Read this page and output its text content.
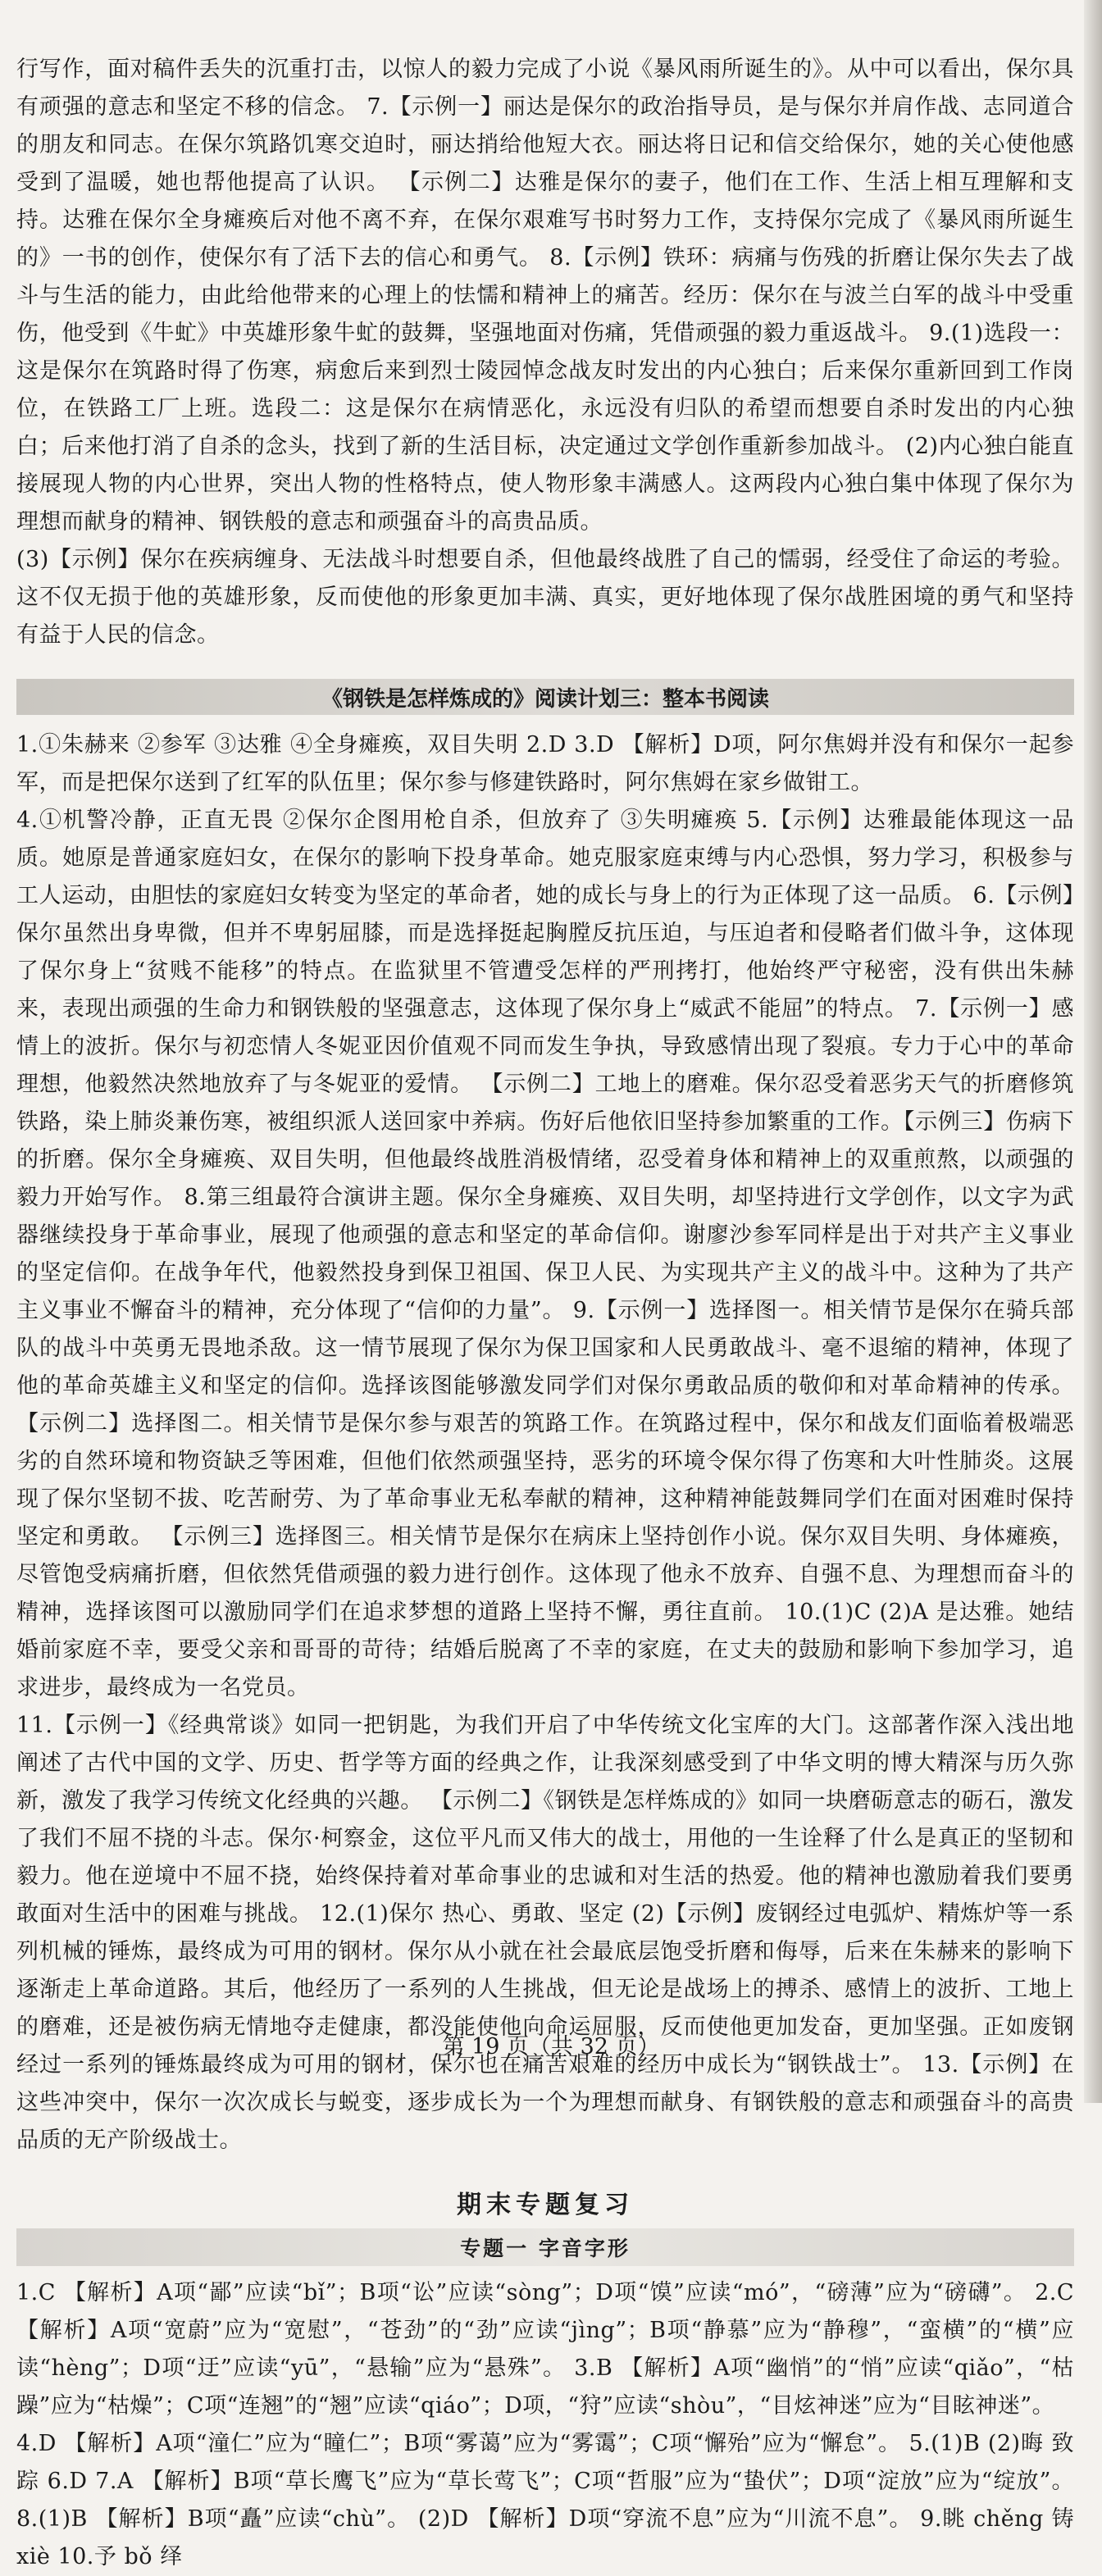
行写作，面对稿件丢失的沉重打击，以惊人的毅力完成了小说《暴风雨所诞生的》。从中可以看出，保尔具有顽强的意志和坚定不移的信念。 7.【示例一】丽达是保尔的政治指导员，是与保尔并肩作战、志同道合的朋友和同志。在保尔筑路饥寒交迫时，丽达捎给他短大衣。丽达将日记和信交给保尔，她的关心使他感受到了温暖，她也帮他提高了认识。 【示例二】达雅是保尔的妻子，他们在工作、生活上相互理解和支持。达雅在保尔全身瘫痪后对他不离不弃，在保尔艰难写书时努力工作，支持保尔完成了《暴风雨所诞生的》一书的创作，使保尔有了活下去的信心和勇气。 8.【示例】铁环：病痛与伤残的折磨让保尔失去了战斗与生活的能力，由此给他带来的心理上的怯懦和精神上的痛苦。经历：保尔在与波兰白军的战斗中受重伤，他受到《牛虻》中英雄形象牛虻的鼓舞，坚强地面对伤痛，凭借顽强的毅力重返战斗。 9.(1)选段一：这是保尔在筑路时得了伤寒，病愈后来到烈士陵园悼念战友时发出的内心独白；后来保尔重新回到工作岗位，在铁路工厂上班。选段二：这是保尔在病情恶化，永远没有归队的希望而想要自杀时发出的内心独白；后来他打消了自杀的念头，找到了新的生活目标，决定通过文学创作重新参加战斗。 (2)内心独白能直接展现人物的内心世界，突出人物的性格特点，使人物形象丰满感人。这两段内心独白集中体现了保尔为理想而献身的精神、钢铁般的意志和顽强奋斗的高贵品质。

(3)【示例】保尔在疾病缠身、无法战斗时想要自杀，但他最终战胜了自己的懦弱，经受住了命运的考验。这不仅无损于他的英雄形象，反而使他的形象更加丰满、真实，更好地体现了保尔战胜困境的勇气和坚持有益于人民的信念。

《钢铁是怎样炼成的》阅读计划三：整本书阅读

1.①朱赫来 ②参军 ③达雅 ④全身瘫痪，双目失明 2.D 3.D 【解析】D项，阿尔焦姆并没有和保尔一起参军，而是把保尔送到了红军的队伍里；保尔参与修建铁路时，阿尔焦姆在家乡做钳工。

4.①机警冷静，正直无畏 ②保尔企图用枪自杀，但放弃了 ③失明瘫痪 5.【示例】达雅最能体现这一品质。她原是普通家庭妇女，在保尔的影响下投身革命。她克服家庭束缚与内心恐惧，努力学习，积极参与工人运动，由胆怯的家庭妇女转变为坚定的革命者，她的成长与身上的行为正体现了这一品质。 6.【示例】保尔虽然出身卑微，但并不卑躬屈膝，而是选择挺起胸膛反抗压迫，与压迫者和侵略者们做斗争，这体现了保尔身上“贫贱不能移”的特点。在监狱里不管遭受怎样的严刑拷打，他始终严守秘密，没有供出朱赫来，表现出顽强的生命力和钢铁般的坚强意志，这体现了保尔身上“威武不能屈”的特点。 7.【示例一】感情上的波折。保尔与初恋情人冬妮亚因价值观不同而发生争执，导致感情出现了裂痕。专力于心中的革命理想，他毅然决然地放弃了与冬妮亚的爱情。 【示例二】工地上的磨难。保尔忍受着恶劣天气的折磨修筑铁路，染上肺炎兼伤寒，被组织派人送回家中养病。伤好后他依旧坚持参加繁重的工作。【示例三】伤病下的折磨。保尔全身瘫痪、双目失明，但他最终战胜消极情绪，忍受着身体和精神上的双重煎熬，以顽强的毅力开始写作。 8.第三组最符合演讲主题。保尔全身瘫痪、双目失明，却坚持进行文学创作，以文字为武器继续投身于革命事业，展现了他顽强的意志和坚定的革命信仰。谢廖沙参军同样是出于对共产主义事业的坚定信仰。在战争年代，他毅然投身到保卫祖国、保卫人民、为实现共产主义的战斗中。这种为了共产主义事业不懈奋斗的精神，充分体现了“信仰的力量”。 9.【示例一】选择图一。相关情节是保尔在骑兵部队的战斗中英勇无畏地杀敌。这一情节展现了保尔为保卫国家和人民勇敢战斗、毫不退缩的精神，体现了他的革命英雄主义和坚定的信仰。选择该图能够激发同学们对保尔勇敢品质的敬仰和对革命精神的传承。 【示例二】选择图二。相关情节是保尔参与艰苦的筑路工作。在筑路过程中，保尔和战友们面临着极端恶劣的自然环境和物资缺乏等困难，但他们依然顽强坚持，恶劣的环境令保尔得了伤寒和大叶性肺炎。这展现了保尔坚韧不拔、吃苦耐劳、为了革命事业无私奉献的精神，这种精神能鼓舞同学们在面对困难时保持坚定和勇敢。 【示例三】选择图三。相关情节是保尔在病床上坚持创作小说。保尔双目失明、身体瘫痪，尽管饱受病痛折磨，但依然凭借顽强的毅力进行创作。这体现了他永不放弃、自强不息、为理想而奋斗的精神，选择该图可以激励同学们在追求梦想的道路上坚持不懈，勇往直前。 10.(1)C (2)A 是达雅。她结婚前家庭不幸，要受父亲和哥哥的苛待；结婚后脱离了不幸的家庭，在丈夫的鼓励和影响下参加学习，追求进步，最终成为一名党员。

11.【示例一】《经典常谈》如同一把钥匙，为我们开启了中华传统文化宝库的大门。这部著作深入浅出地阐述了古代中国的文学、历史、哲学等方面的经典之作，让我深刻感受到了中华文明的博大精深与历久弥新，激发了我学习传统文化经典的兴趣。 【示例二】《钢铁是怎样炼成的》如同一块磨砺意志的砺石，激发了我们不屈不挠的斗志。保尔·柯察金，这位平凡而又伟大的战士，用他的一生诠释了什么是真正的坚韧和毅力。他在逆境中不屈不挠，始终保持着对革命事业的忠诚和对生活的热爱。他的精神也激励着我们要勇敢面对生活中的困难与挑战。 12.(1)保尔 热心、勇敢、坚定 (2)【示例】废钢经过电弧炉、精炼炉等一系列机械的锤炼，最终成为可用的钢材。保尔从小就在社会最底层饱受折磨和侮辱，后来在朱赫来的影响下逐渐走上革命道路。其后，他经历了一系列的人生挑战，但无论是战场上的搏杀、感情上的波折、工地上的磨难，还是被伤病无情地夺走健康，都没能使他向命运屈服，反而使他更加发奋，更加坚强。正如废钢经过一系列的锤炼最终成为可用的钢材，保尔也在痛苦艰难的经历中成长为“钢铁战士”。 13.【示例】在这些冲突中，保尔一次次成长与蜕变，逐步成长为一个为理想而献身、有钢铁般的意志和顽强奋斗的高贵品质的无产阶级战士。

期末专题复习
专题一 字音字形

1.C 【解析】A项“鄙”应读“bǐ”；B项“讼”应读“sòng”；D项“馍”应读“mó”，“磅薄”应为“磅礴”。 2.C 【解析】A项“宽蔚”应为“宽慰”，“苍劲”的“劲”应读“jìng”；B项“静慕”应为“静穆”，“蛮横”的“横”应读“hèng”；D项“迂”应读“yū”，“悬输”应为“悬殊”。 3.B 【解析】A项“幽悄”的“悄”应读“qiǎo”，“枯躁”应为“枯燥”；C项“连翘”的“翘”应读“qiáo”；D项，“狩”应读“shòu”，“目炫神迷”应为“目眩神迷”。

4.D 【解析】A项“潼仁”应为“瞳仁”；B项“雾蔼”应为“雾霭”；C项“懈殆”应为“懈怠”。 5.(1)B (2)晦 致 踪 6.D 7.A 【解析】B项“草长鹰飞”应为“草长莺飞”；C项“哲服”应为“蛰伏”；D项“淀放”应为“绽放”。 8.(1)B 【解析】B项“矗”应读“chù”。 (2)D 【解析】D项“穿流不息”应为“川流不息”。 9.眺 chěng 铸 xiè 10.予 bǒ 绎

第 19 页（共 32 页）
